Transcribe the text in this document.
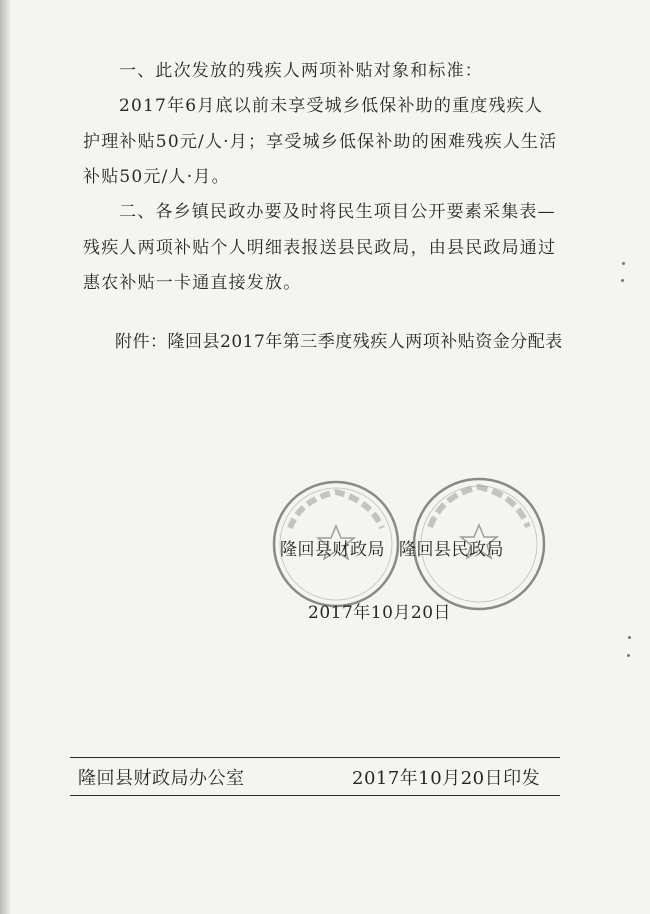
一、此次发放的残疾人两项补贴对象和标准：

2017年6月底以前未享受城乡低保补助的重度残疾人护理补贴50元/人·月；享受城乡低保补助的困难残疾人生活补贴50元/人·月。

二、各乡镇民政办要及时将民生项目公开要素采集表—残疾人两项补贴个人明细表报送县民政局，由县民政局通过惠农补贴一卡通直接发放。

附件：隆回县2017年第三季度残疾人两项补贴资金分配表
隆回县财政局 隆回县民政局
2017年10月20日
隆回县财政局办公室	2017年10月20日印发
